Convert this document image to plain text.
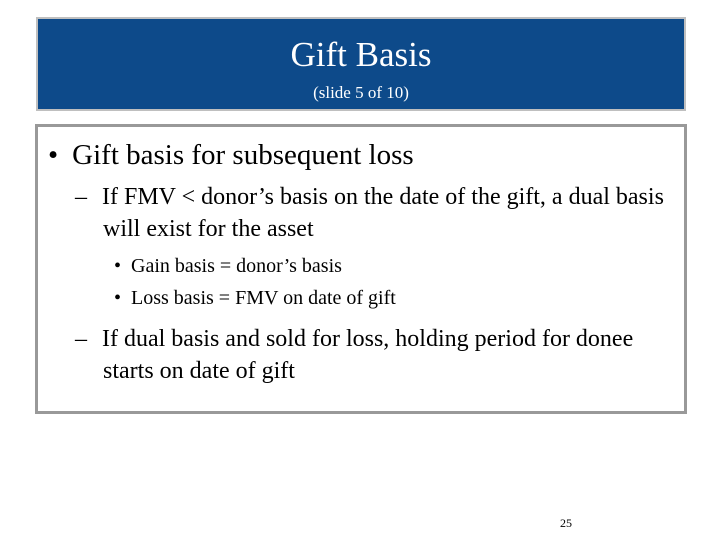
Gift Basis
(slide 5 of 10)
• Gift basis for subsequent loss
– If FMV < donor’s basis on the date of the gift, a dual basis will exist for the asset
• Gain basis = donor’s basis
• Loss basis = FMV on date of gift
– If dual basis and sold for loss, holding period for donee starts on date of gift
25
